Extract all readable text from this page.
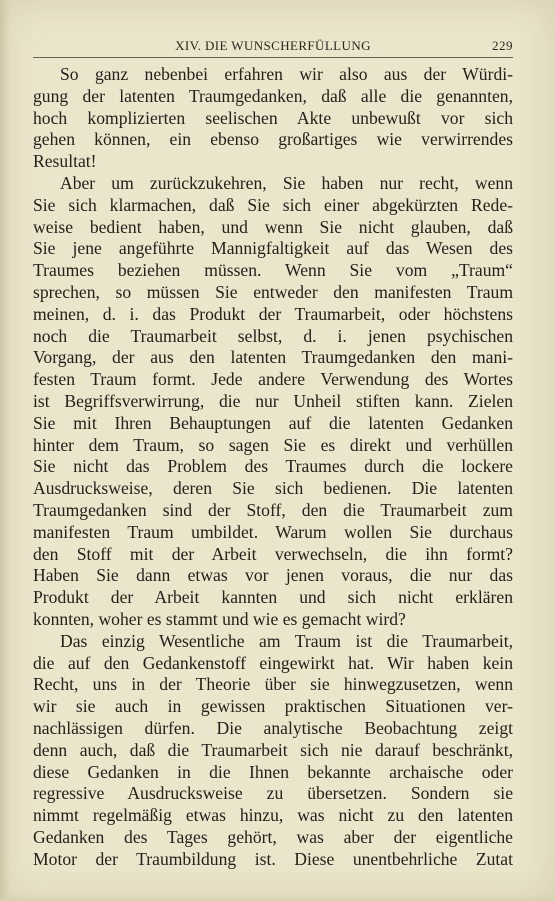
XIV. DIE WUNSCHERFÜLLUNG	229
So ganz nebenbei erfahren wir also aus der Würdi-
gung der latenten Traumgedanken, daß alle die genannten,
hoch komplizierten seelischen Akte unbewußt vor sich
gehen können, ein ebenso großartiges wie verwirrendes
Resultat!
Aber um zurückzukehren, Sie haben nur recht, wenn
Sie sich klarmachen, daß Sie sich einer abgekürzten Rede-
weise bedient haben, und wenn Sie nicht glauben, daß
Sie jene angeführte Mannigfaltigkeit auf das Wesen des
Traumes beziehen müssen. Wenn Sie vom „Traum“
sprechen, so müssen Sie entweder den manifesten Traum
meinen, d. i. das Produkt der Traumarbeit, oder höchstens
noch die Traumarbeit selbst, d. i. jenen psychischen
Vorgang, der aus den latenten Traumgedanken den mani-
festen Traum formt. Jede andere Verwendung des Wortes
ist Begriffsverwirrung, die nur Unheil stiften kann. Zielen
Sie mit Ihren Behauptungen auf die latenten Gedanken
hinter dem Traum, so sagen Sie es direkt und verhüllen
Sie nicht das Problem des Traumes durch die lockere
Ausdrucksweise, deren Sie sich bedienen. Die latenten
Traumgedanken sind der Stoff, den die Traumarbeit zum
manifesten Traum umbildet. Warum wollen Sie durchaus
den Stoff mit der Arbeit verwechseln, die ihn formt?
Haben Sie dann etwas vor jenen voraus, die nur das
Produkt der Arbeit kannten und sich nicht erklären
konnten, woher es stammt und wie es gemacht wird?
Das einzig Wesentliche am Traum ist die Traumarbeit,
die auf den Gedankenstoff eingewirkt hat. Wir haben kein
Recht, uns in der Theorie über sie hinwegzusetzen, wenn
wir sie auch in gewissen praktischen Situationen ver-
nachlässigen dürfen. Die analytische Beobachtung zeigt
denn auch, daß die Traumarbeit sich nie darauf beschränkt,
diese Gedanken in die Ihnen bekannte archaische oder
regressive Ausdrucksweise zu übersetzen. Sondern sie
nimmt regelmäßig etwas hinzu, was nicht zu den latenten
Gedanken des Tages gehört, was aber der eigentliche
Motor der Traumbildung ist. Diese unentbehrliche Zutat
